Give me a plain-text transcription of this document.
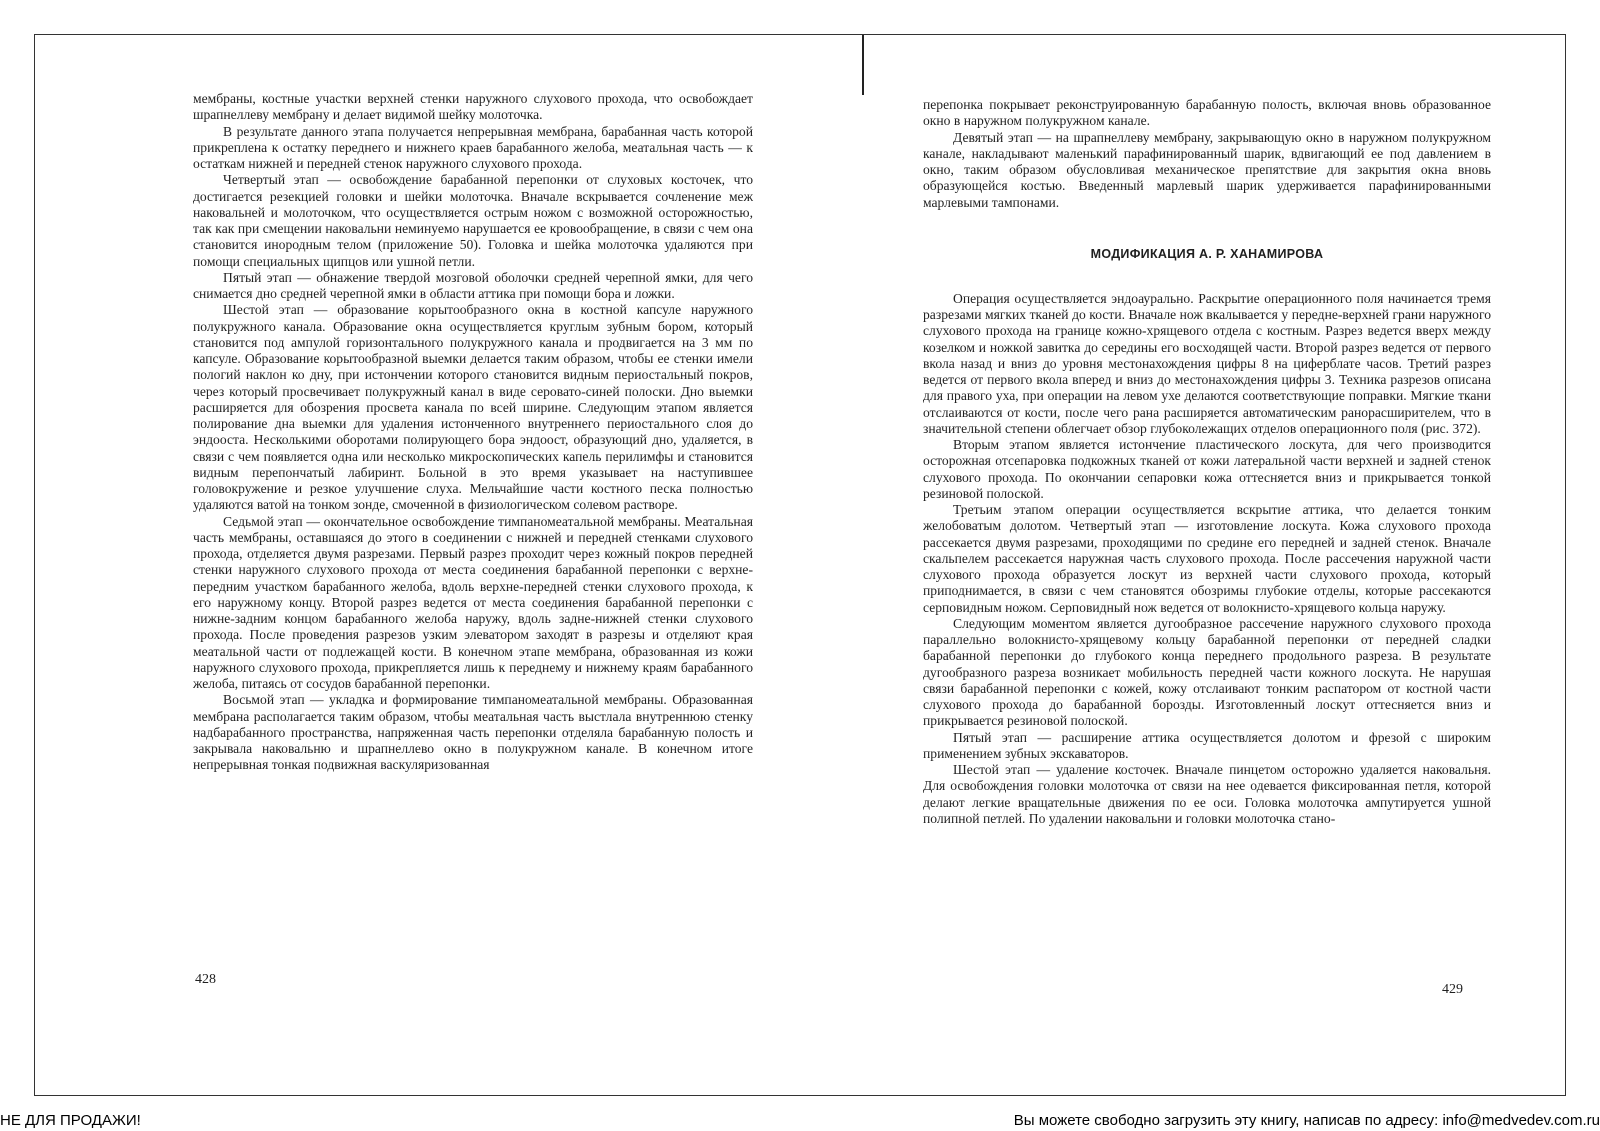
мембраны, костные участки верхней стенки наружного слухового прохода, что освобождает шрапнеллеву мембрану и делает видимой шейку молоточка.

В результате данного этапа получается непрерывная мембрана, барабанная часть которой прикреплена к остатку переднего и нижнего краев барабанного желоба, меатальная часть — к остаткам нижней и передней стенок наружного слухового прохода.

Четвертый этап — освобождение барабанной перепонки от слуховых косточек, что достигается резекцией головки и шейки молоточка. Вначале вскрывается сочленение меж наковальней и молоточком, что осуществляется острым ножом с возможной осторожностью, так как при смещении наковальни неминуемо нарушается ее кровообращение, в связи с чем она становится инородным телом (приложение 50). Головка и шейка молоточка удаляются при помощи специальных щипцов или ушной петли.

Пятый этап — обнажение твердой мозговой оболочки средней черепной ямки, для чего снимается дно средней черепной ямки в области аттика при помощи бора и ложки.

Шестой этап — образование корытообразного окна в костной капсуле наружного полукружного канала. Образование окна осуществляется круглым зубным бором, который становится под ампулой горизонтального полукружного канала и продвигается на 3 мм по капсуле. Образование корытообразной выемки делается таким образом, чтобы ее стенки имели пологий наклон ко дну, при истончении которого становится видным периостальный покров, через который просвечивает полукружный канал в виде серовато-синей полоски. Дно выемки расширяется для обозрения просвета канала по всей ширине. Следующим этапом является полирование дна выемки для удаления истонченного внутреннего периостального слоя до эндооста. Несколькими оборотами полирующего бора эндоост, образующий дно, удаляется, в связи с чем появляется одна или несколько микроскопических капель перилимфы и становится видным перепончатый лабиринт. Больной в это время указывает на наступившее головокружение и резкое улучшение слуха. Мельчайшие части костного песка полностью удаляются ватой на тонком зонде, смоченной в физиологическом солевом растворе.

Седьмой этап — окончательное освобождение тимпаномеатальной мембраны. Меатальная часть мембраны, оставшаяся до этого в соединении с нижней и передней стенками слухового прохода, отделяется двумя разрезами. Первый разрез проходит через кожный покров передней стенки наружного слухового прохода от места соединения барабанной перепонки с верхне-передним участком барабанного желоба, вдоль верхне-передней стенки слухового прохода, к его наружному концу. Второй разрез ведется от места соединения барабанной перепонки с нижне-задним концом барабанного желоба наружу, вдоль задне-нижней стенки слухового прохода. После проведения разрезов узким элеватором заходят в разрезы и отделяют края меатальной части от подлежащей кости. В конечном этапе мембрана, образованная из кожи наружного слухового прохода, прикрепляется лишь к переднему и нижнему краям барабанного желоба, питаясь от сосудов барабанной перепонки.

Восьмой этап — укладка и формирование тимпаномеатальной мембраны. Образованная мембрана располагается таким образом, чтобы меатальная часть выстлала внутреннюю стенку надбарабанного пространства, напряженная часть перепонки отделяла барабанную полость и закрывала наковальню и шрапнеллево окно в полукружном канале. В конечном итоге непрерывная тонкая подвижная васкуляризованная

428

перепонка покрывает реконструированную барабанную полость, включая вновь образованное окно в наружном полукружном канале.

Девятый этап — на шрапнеллеву мембрану, закрывающую окно в наружном полукружном канале, накладывают маленький парафинированный шарик, вдвигающий ее под давлением в окно, таким образом обусловливая механическое препятствие для закрытия окна вновь образующейся костью. Введенный марлевый шарик удерживается парафинированными марлевыми тампонами.

МОДИФИКАЦИЯ А. Р. ХАНАМИРОВА

Операция осуществляется эндоаурально. Раскрытие операционного поля начинается тремя разрезами мягких тканей до кости. Вначале нож вкалывается у передне-верхней грани наружного слухового прохода на границе кожно-хрящевого отдела с костным. Разрез ведется вверх между козелком и ножкой завитка до середины его восходящей части. Второй разрез ведется от первого вкола назад и вниз до уровня местонахождения цифры 8 на циферблате часов. Третий разрез ведется от первого вкола вперед и вниз до местонахождения цифры 3. Техника разрезов описана для правого уха, при операции на левом ухе делаются соответствующие поправки. Мягкие ткани отслаиваются от кости, после чего рана расширяется автоматическим ранорасширителем, что в значительной степени облегчает обзор глубоколежащих отделов операционного поля (рис. 372).

Вторым этапом является истончение пластического лоскута, для чего производится осторожная отсепаровка подкожных тканей от кожи латеральной части верхней и задней стенок слухового прохода. По окончании сепаровки кожа оттесняется вниз и прикрывается тонкой резиновой полоской.

Третьим этапом операции осуществляется вскрытие аттика, что делается тонким желобоватым долотом. Четвертый этап — изготовление лоскута. Кожа слухового прохода рассекается двумя разрезами, проходящими по средине его передней и задней стенок. Вначале скальпелем рассекается наружная часть слухового прохода. После рассечения наружной части слухового прохода образуется лоскут из верхней части слухового прохода, который приподнимается, в связи с чем становятся обозримы глубокие отделы, которые рассекаются серповидным ножом. Серповидный нож ведется от волокнисто-хрящевого кольца наружу.

Следующим моментом является дугообразное рассечение наружного слухового прохода параллельно волокнисто-хрящевому кольцу барабанной перепонки от передней сладки барабанной перепонки до глубокого конца переднего продольного разреза. В результате дугообразного разреза возникает мобильность передней части кожного лоскута. Не нарушая связи барабанной перепонки с кожей, кожу отслаивают тонким распатором от костной части слухового прохода до барабанной борозды. Изготовленный лоскут оттесняется вниз и прикрывается резиновой полоской.

Пятый этап — расширение аттика осуществляется долотом и фрезой с широким применением зубных экскаваторов.

Шестой этап — удаление косточек. Вначале пинцетом осторожно удаляется наковальня. Для освобождения головки молоточка от связи на нее одевается фиксированная петля, которой делают легкие вращательные движения по ее оси. Головка молоточка ампутируется ушной полипной петлей. По удалении наковальни и головки молоточка стано-

429
НЕ ДЛЯ ПРОДАЖИ!	Вы можете свободно загрузить эту книгу, написав по адресу: info@medvedev.com.ru
